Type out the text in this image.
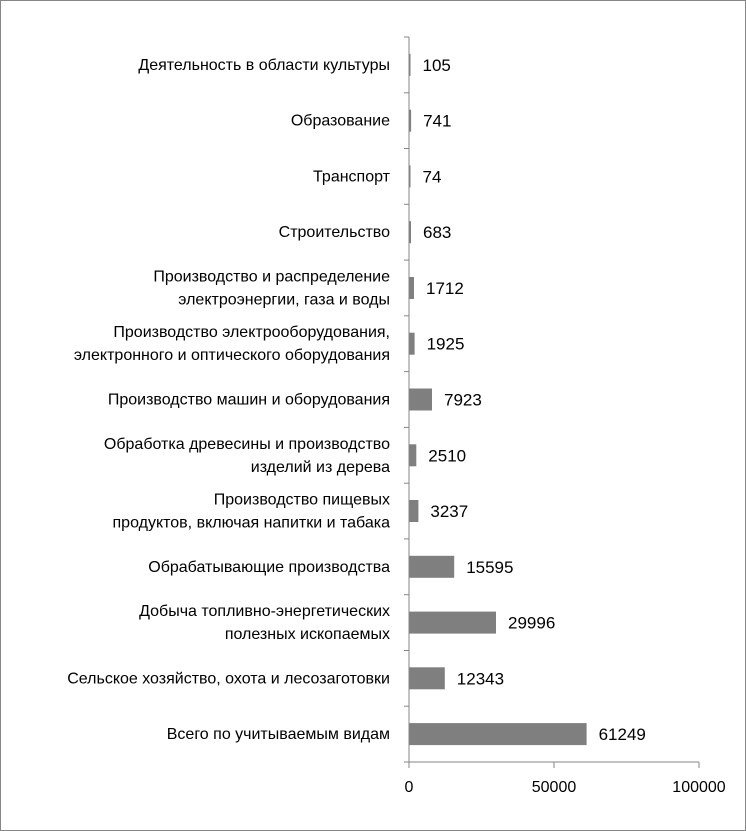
61249
Всего по учитываемым видам
12343
Сельское хозяйство, охота и лесозаготовки
29996
Добыча топливно-энергетических
полезных ископаемых
15595
Обрабатывающие производства
3237
Производство пищевых
продуктов, включая напитки и табака
2510
Обработка древесины и производство
изделий из дерева
7923
Производство машин и оборудования
1925
Производство электрооборудования,
электронного и оптического оборудования
1712
Производство и распределение
электроэнергии, газа и воды
683
Строительство
74
Транспорт
741
Образование
105
Деятельность в области культуры
0	50000	100000
